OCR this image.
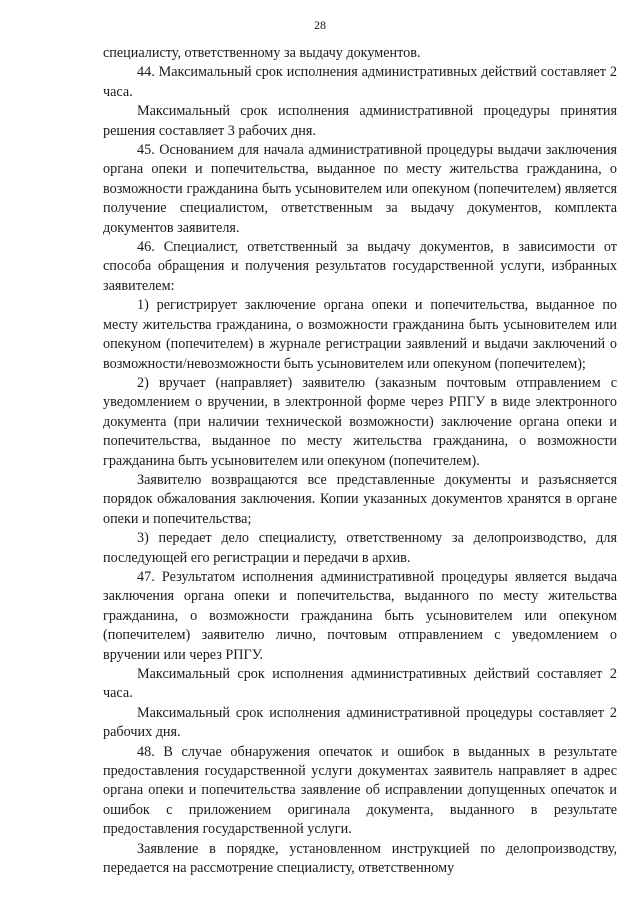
28

специалисту, ответственному за выдачу документов.

44. Максимальный срок исполнения административных действий составляет 2 часа.

Максимальный срок исполнения административной процедуры принятия решения составляет 3 рабочих дня.

45. Основанием для начала административной процедуры выдачи заключения органа опеки и попечительства, выданное по месту жительства гражданина, о возможности гражданина быть усыновителем или опекуном (попечителем) является получение специалистом, ответственным за выдачу документов, комплекта документов заявителя.

46. Специалист, ответственный за выдачу документов, в зависимости от способа обращения и получения результатов государственной услуги, избранных заявителем:

1) регистрирует заключение органа опеки и попечительства, выданное по месту жительства гражданина, о возможности гражданина быть усыновителем или опекуном (попечителем) в журнале регистрации заявлений и выдачи заключений о возможности/невозможности быть усыновителем или опекуном (попечителем);

2) вручает (направляет) заявителю (заказным почтовым отправлением с уведомлением о вручении, в электронной форме через РПГУ в виде электронного документа (при наличии технической возможности) заключение органа опеки и попечительства, выданное по месту жительства гражданина, о возможности гражданина быть усыновителем или опекуном (попечителем).

Заявителю возвращаются все представленные документы и разъясняется порядок обжалования заключения. Копии указанных документов хранятся в органе опеки и попечительства;

3) передает дело специалисту, ответственному за делопроизводство, для последующей его регистрации и передачи в архив.

47. Результатом исполнения административной процедуры является выдача заключения органа опеки и попечительства, выданного по месту жительства гражданина, о возможности гражданина быть усыновителем или опекуном (попечителем) заявителю лично, почтовым отправлением с уведомлением о вручении или через РПГУ.

Максимальный срок исполнения административных действий составляет 2 часа.

Максимальный срок исполнения административной процедуры составляет 2 рабочих дня.

48. В случае обнаружения опечаток и ошибок в выданных в результате предоставления государственной услуги документах заявитель направляет в адрес органа опеки и попечительства заявление об исправлении допущенных опечаток и ошибок с приложением оригинала документа, выданного в результате предоставления государственной услуги.

Заявление в порядке, установленном инструкцией по делопроизводству, передается на рассмотрение специалисту, ответственному
